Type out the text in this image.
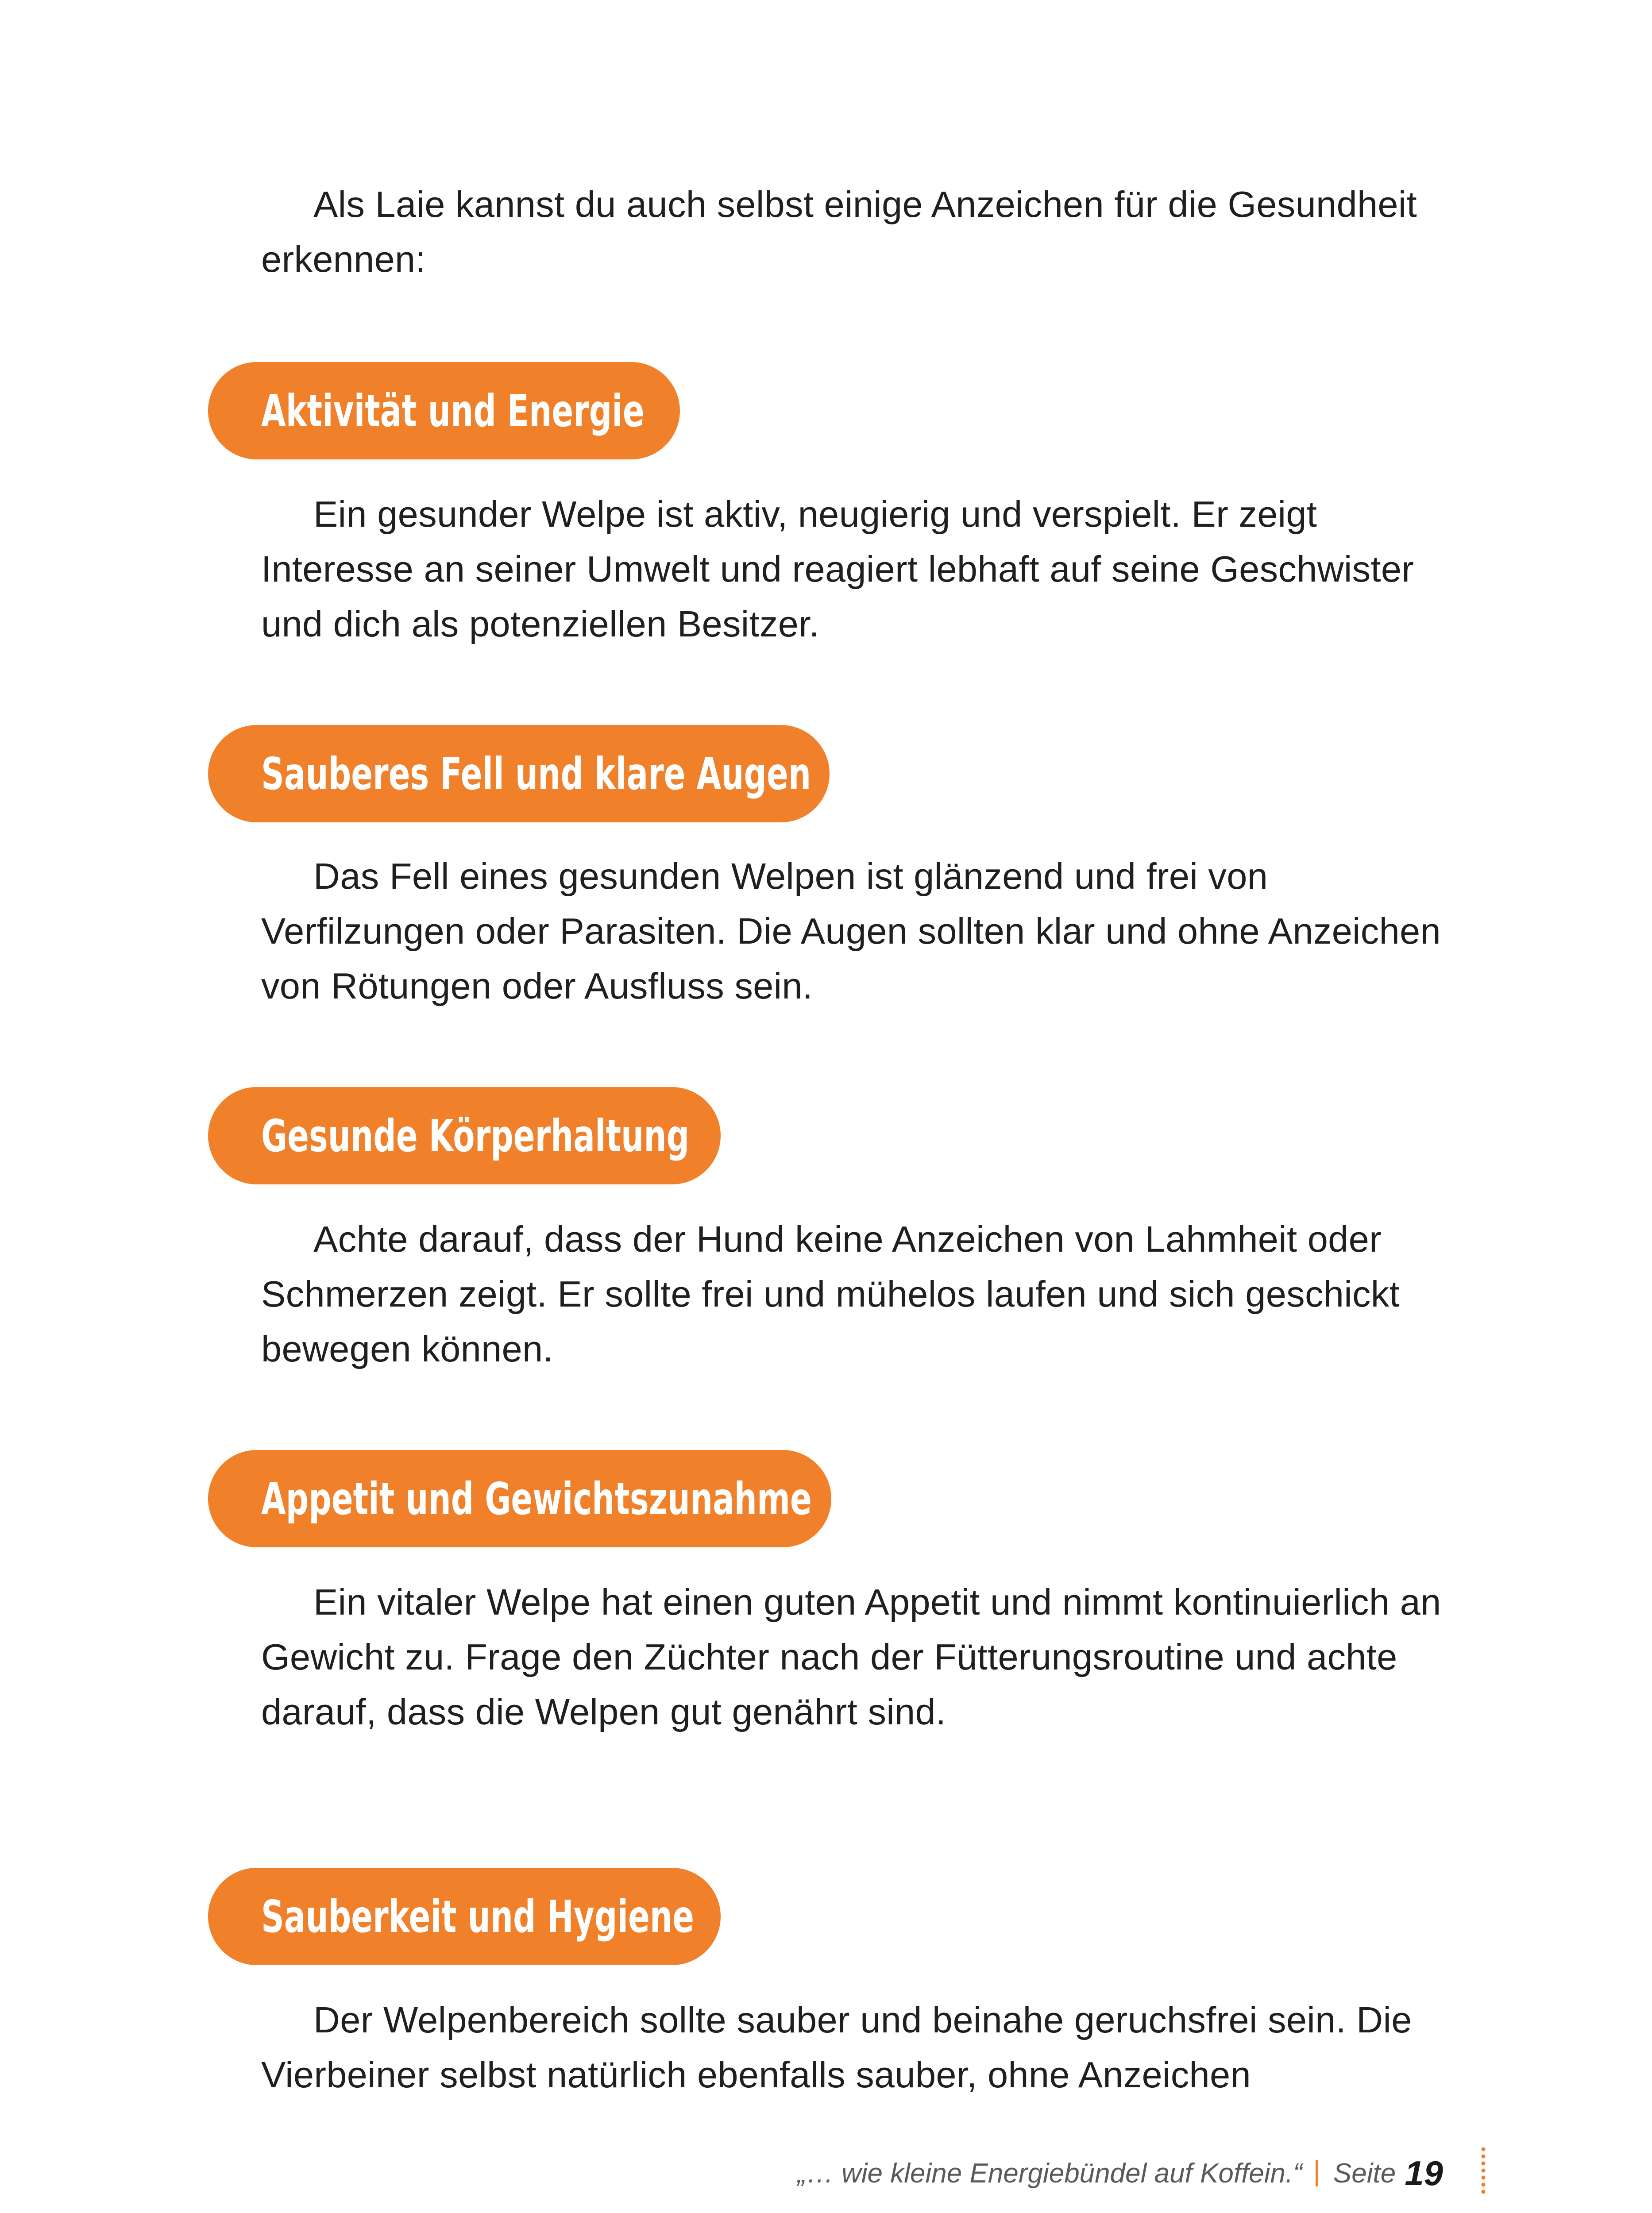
Als Laie kannst du auch selbst einige Anzeichen für die Gesundheit erkennen:

Aktivität und Energie

Ein gesunder Welpe ist aktiv, neugierig und verspielt. Er zeigt Interesse an seiner Umwelt und reagiert lebhaft auf seine Geschwister und dich als potenziellen Besitzer.

Sauberes Fell und klare Augen

Das Fell eines gesunden Welpen ist glänzend und frei von Verfilzungen oder Parasiten. Die Augen sollten klar und ohne Anzeichen von Rötungen oder Ausfluss sein.

Gesunde Körperhaltung

Achte darauf, dass der Hund keine Anzeichen von Lahmheit oder Schmerzen zeigt. Er sollte frei und mühelos laufen und sich geschickt bewegen können.

Appetit und Gewichtszunahme

Ein vitaler Welpe hat einen guten Appetit und nimmt kontinuierlich an Gewicht zu. Frage den Züchter nach der Fütterungsroutine und achte darauf, dass die Welpen gut genährt sind.

Sauberkeit und Hygiene

Der Welpenbereich sollte sauber und beinahe geruchsfrei sein. Die Vierbeiner selbst natürlich ebenfalls sauber, ohne Anzeichen

„… wie kleine Energiebündel auf Koffein.“ Seite 19
